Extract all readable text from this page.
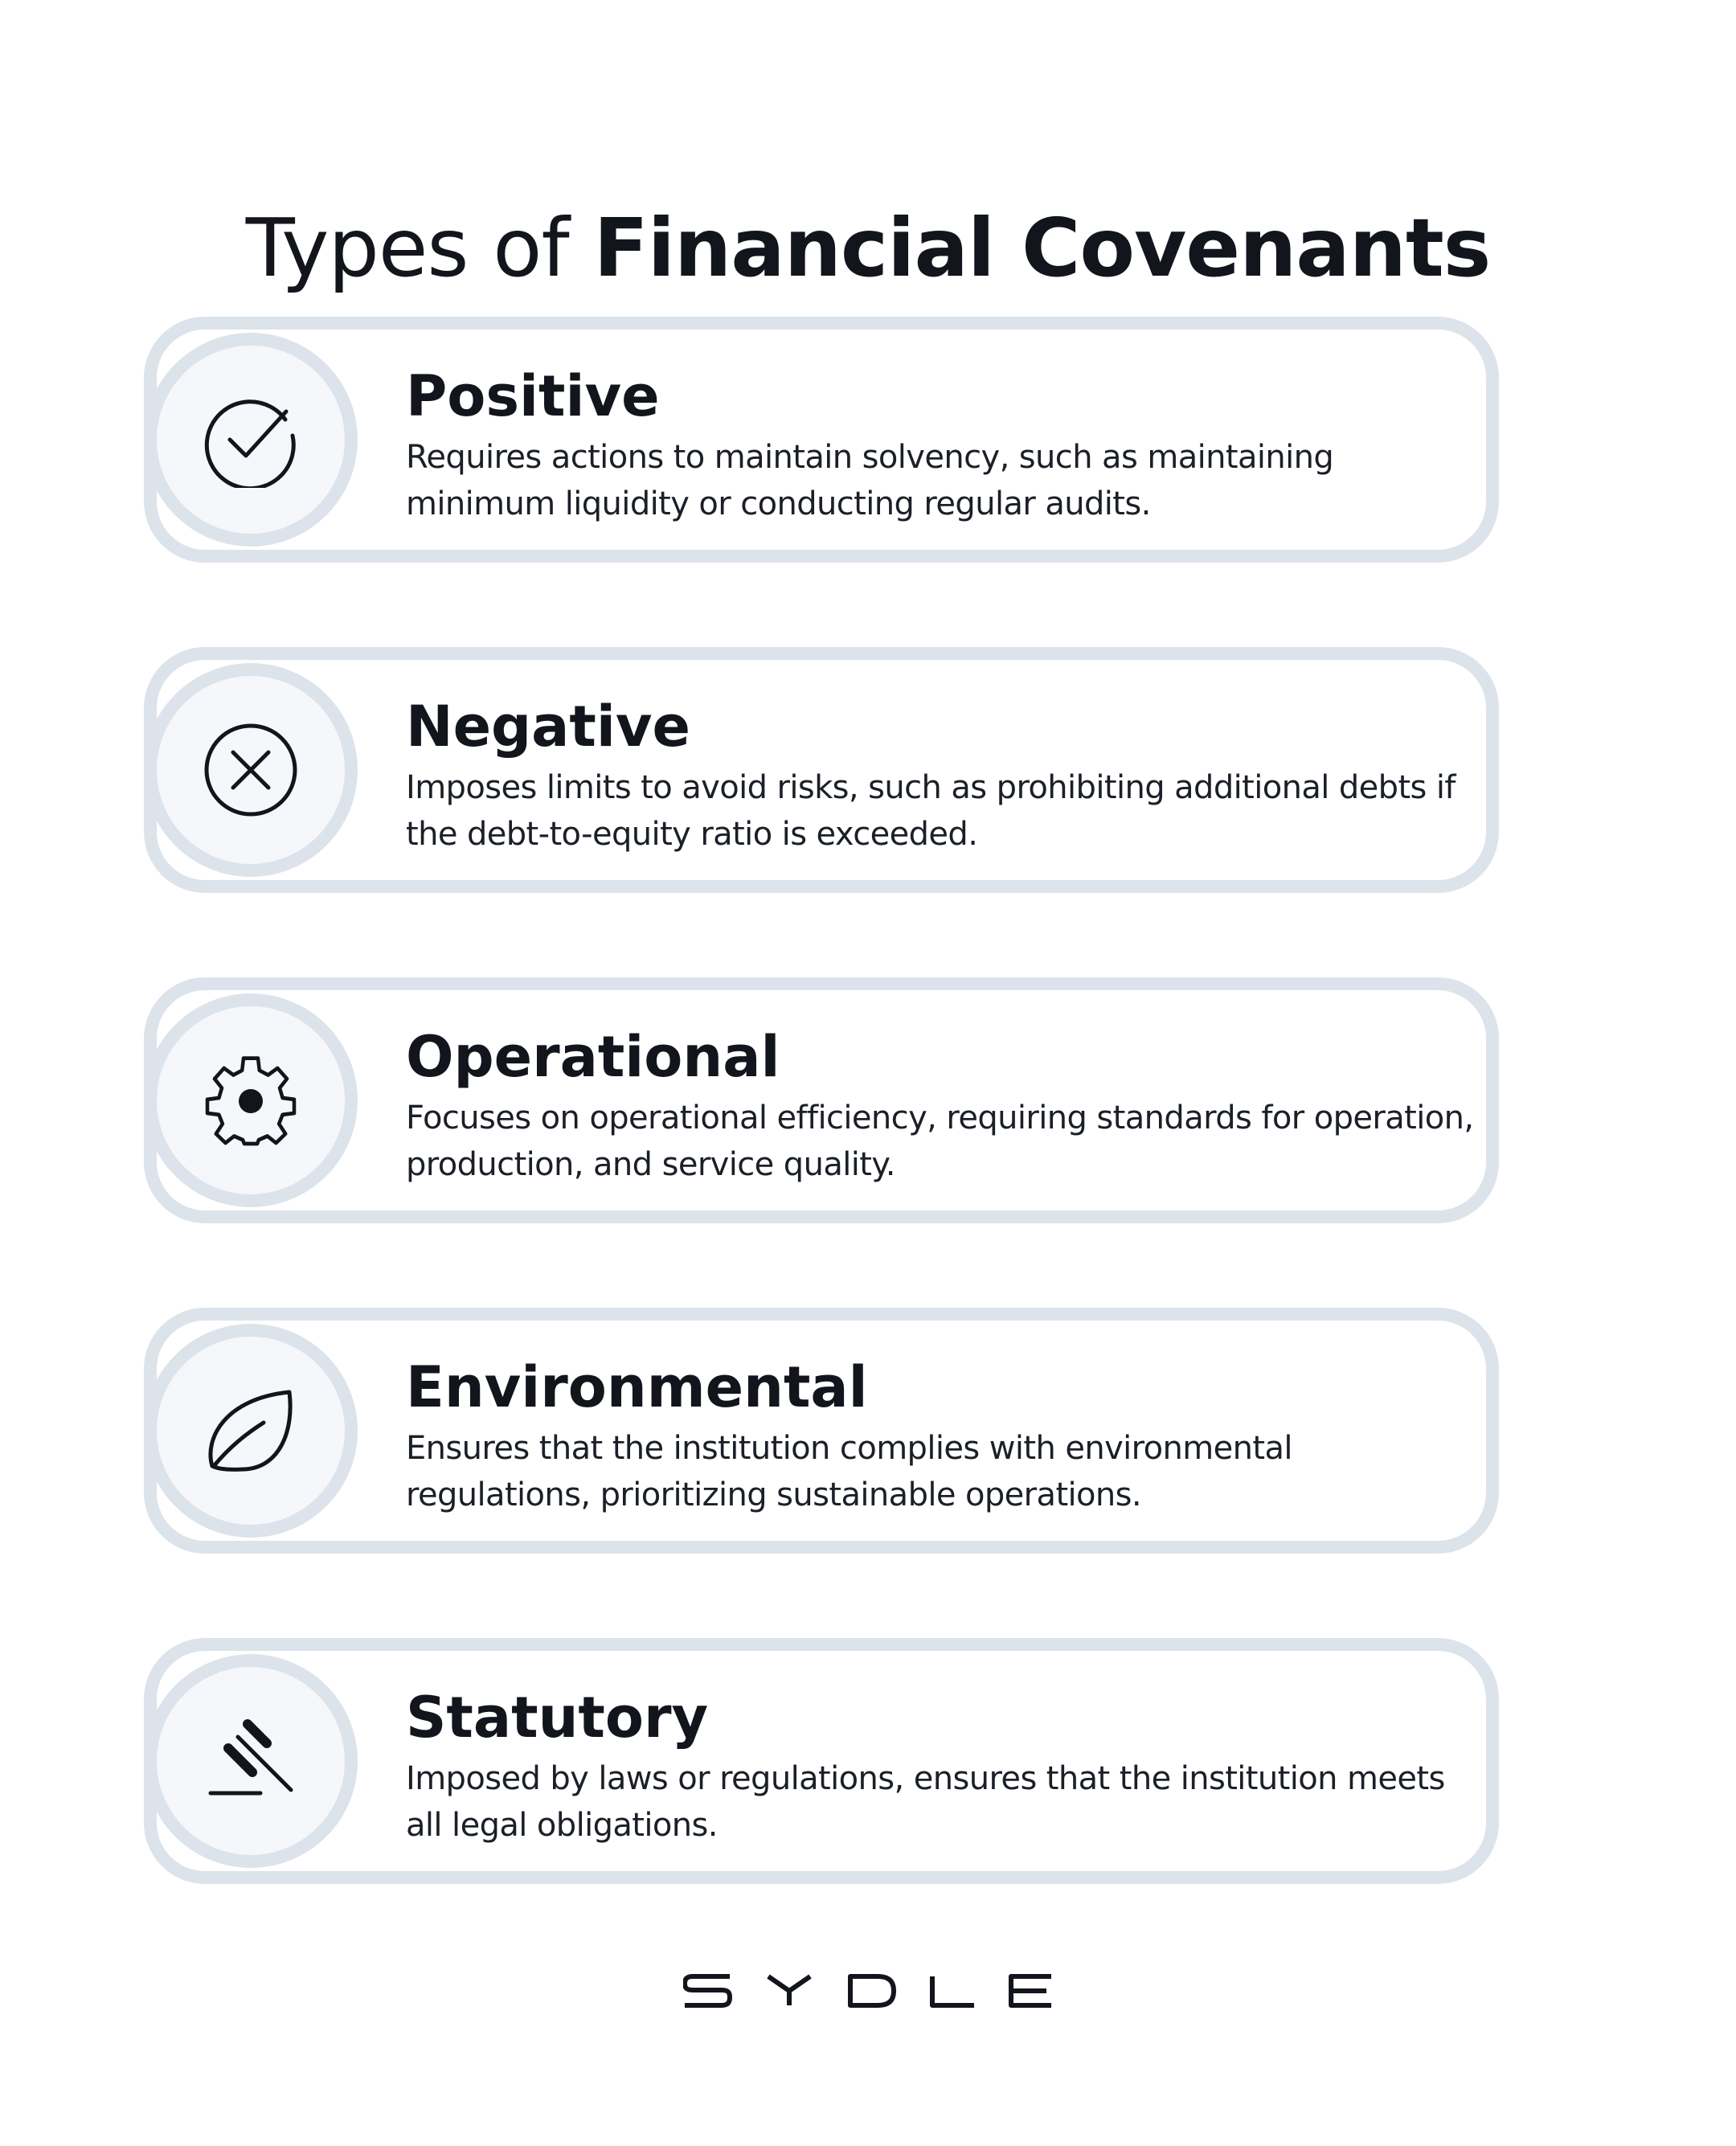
Types of Financial Covenants
Positive
Requires actions to maintain solvency, such as maintaining minimum liquidity or conducting regular audits.
Negative
Imposes limits to avoid risks, such as prohibiting additional debts if the debt-to-equity ratio is exceeded.
Operational
Focuses on operational efficiency, requiring standards for operation, production, and service quality.
Environmental
Ensures that the institution complies with environmental regulations, prioritizing sustainable operations.
Statutory
Imposed by laws or regulations, ensures that the institution meets all legal obligations.
